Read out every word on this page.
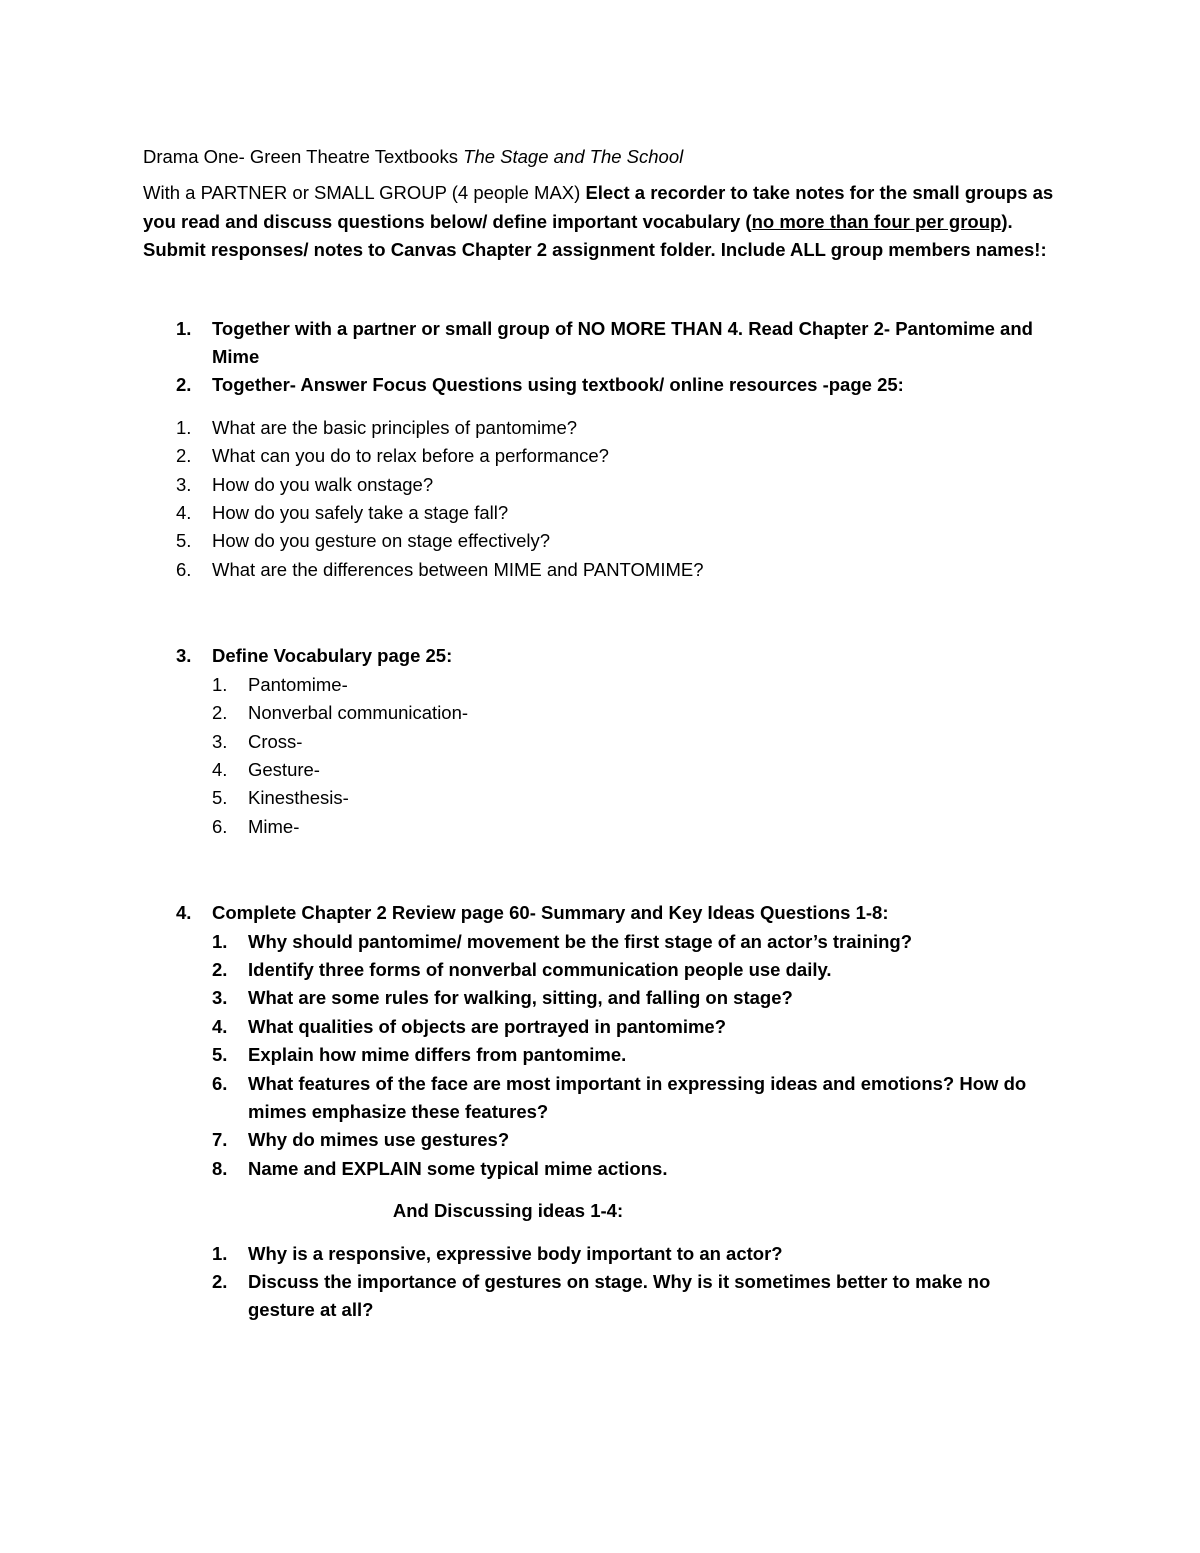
Drama One- Green Theatre Textbooks The Stage and The School

With a PARTNER or SMALL GROUP (4 people MAX) Elect a recorder to take notes for the small groups as you read and discuss questions below/ define important vocabulary (no more than four per group). Submit responses/ notes to Canvas Chapter 2 assignment folder. Include ALL group members names!:

1.	Together with a partner or small group of NO MORE THAN 4. Read Chapter 2- Pantomime and Mime
2.	Together- Answer Focus Questions using textbook/ online resources -page 25:
1.	What are the basic principles of pantomime?
2.	What can you do to relax before a performance?
3.	How do you walk onstage?
4.	How do you safely take a stage fall?
5.	How do you gesture on stage effectively?
6.	What are the differences between MIME and PANTOMIME?
3.	Define Vocabulary page 25:
1.	Pantomime-
2.	Nonverbal communication-
3.	Cross-
4.	Gesture-
5.	Kinesthesis-
6.	Mime-
4.	Complete Chapter 2 Review page 60- Summary and Key Ideas Questions 1-8:
1.	Why should pantomime/ movement be the first stage of an actor’s training?
2.	Identify three forms of nonverbal communication people use daily.
3.	What are some rules for walking, sitting, and falling on stage?
4.	What qualities of objects are portrayed in pantomime?
5.	Explain how mime differs from pantomime.
6.	What features of the face are most important in expressing ideas and emotions? How do mimes emphasize these features?
7.	Why do mimes use gestures?
8.	Name and EXPLAIN some typical mime actions.

And Discussing ideas 1-4:

1.	Why is a responsive, expressive body important to an actor?
2.	Discuss the importance of gestures on stage. Why is it sometimes better to make no gesture at all?
